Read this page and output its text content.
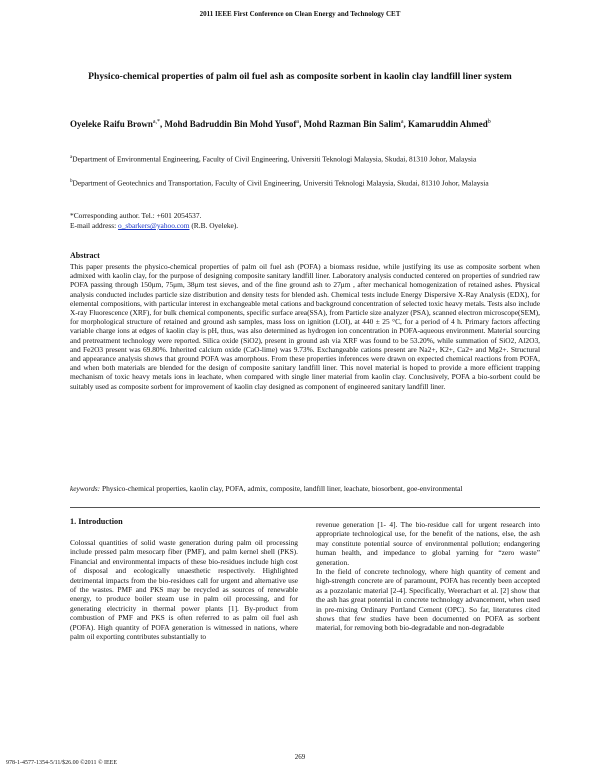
2011 IEEE First Conference on Clean Energy and Technology CET
Physico-chemical properties of palm oil fuel ash as composite sorbent in kaolin clay landfill liner system
Oyeleke Raifu Brown$^{a,*}$, Mohd Badruddin Bin Mohd Yusof$^a$, Mohd Razman Bin Salim$^a$, Kamaruddin Ahmed$^b$
$^a$Department of Environmental Engineering, Faculty of Civil Engineering, Universiti Teknologi Malaysia, Skudai, 81310 Johor, Malaysia
$^b$Department of Geotechnics and Transportation, Faculty of Civil Engineering, Universiti Teknologi Malaysia, Skudai, 81310 Johor, Malaysia
*Corresponding author. Tel.: +601 2054537.
E-mail address: o_sbarkers@yahoo.com (R.B. Oyeleke).
Abstract
This paper presents the physico-chemical properties of palm oil fuel ash (POFA) a biomass residue, while justifying its use as composite sorbent when admixed with kaolin clay, for the purpose of designing composite sanitary landfill liner. Laboratory analysis conducted centered on properties of sundried raw POFA passing through 150μm, 75μm, 38μm test sieves, and of the fine ground ash to 27μm , after mechanical homogenization of retained ashes. Physical analysis conducted includes particle size distribution and density tests for blended ash. Chemical tests include Energy Dispersive X-Ray Analysis (EDX), for elemental compositions, with particular interest in exchangeable metal cations and background concentration of selected toxic heavy metals. Tests also include X-ray Fluorescence (XRF), for bulk chemical components, specific surface area(SSA), from Particle size analyzer (PSA), scanned electron microscope(SEM), for morphological structure of retained and ground ash samples, mass loss on ignition (LOI), at 440 ± 25 °C, for a period of 4 h. Primary factors affecting variable charge ions at edges of kaolin clay is pH, thus, was also determined as hydrogen ion concentration in POFA-aqueous environment. Material sourcing and pretreatment technology were reported. Silica oxide (SiO2), present in ground ash via XRF was found to be 53.20%, while summation of SiO2, Al2O3, and Fe2O3 present was 69.80%. Inherited calcium oxide (CaO-lime) was 9.73%. Exchangeable cations present are Na2+, K2+, Ca2+ and Mg2+. Structural and appearance analysis shows that ground POFA was amorphous. From these properties inferences were drawn on expected chemical reactions from POFA, and when both materials are blended for the design of composite sanitary landfill liner. This novel material is hoped to provide a more efficient trapping mechanism of toxic heavy metals ions in leachate, when compared with single liner material from kaolin clay. Conclusively, POFA a bio-sorbent could be suitably used as composite sorbent for improvement of kaolin clay designed as component of engineered sanitary landfill liner.
keywords: Physico-chemical properties, kaolin clay, POFA, admix, composite, landfill liner, leachate, biosorbent, goe-environmental
1. Introduction

Colossal quantities of solid waste generation during palm oil processing include pressed palm mesocarp fiber (PMF), and palm kernel shell (PKS). Financial and environmental impacts of these bio-residues include high cost of disposal and ecologically unaesthetic respectively. Highlighted detrimental impacts from the bio-residues call for urgent and alternative use of the wastes. PMF and PKS may be recycled as sources of renewable energy, to produce boiler steam use in palm oil processing, and for generating electricity in thermal power plants [1]. By-product from combustion of PMF and PKS is often referred to as palm oil fuel ash (POFA). High quantity of POFA generation is witnessed in nations, where palm oil exporting contributes substantially to

revenue generation [1- 4]. The bio-residue call for urgent research into appropriate technological use, for the benefit of the nations, else, the ash may constitute potential source of environmental pollution; endangering human health, and impedance to global yarning for “zero waste” generation.

In the field of concrete technology, where high quantity of cement and high-strength concrete are of paramount, POFA has recently been accepted as a pozzolanic material [2-4]. Specifically, Weerachart et al. [2] show that the ash has great potential in concrete technology advancement, when used in pre-mixing Ordinary Portland Cement (OPC). So far, literatures cited shows that few studies have been documented on POFA as sorbent material, for removing both bio-degradable and non-degradable

978-1-4577-1354-5/11/$26.00 ©2011 © IEEE
269
